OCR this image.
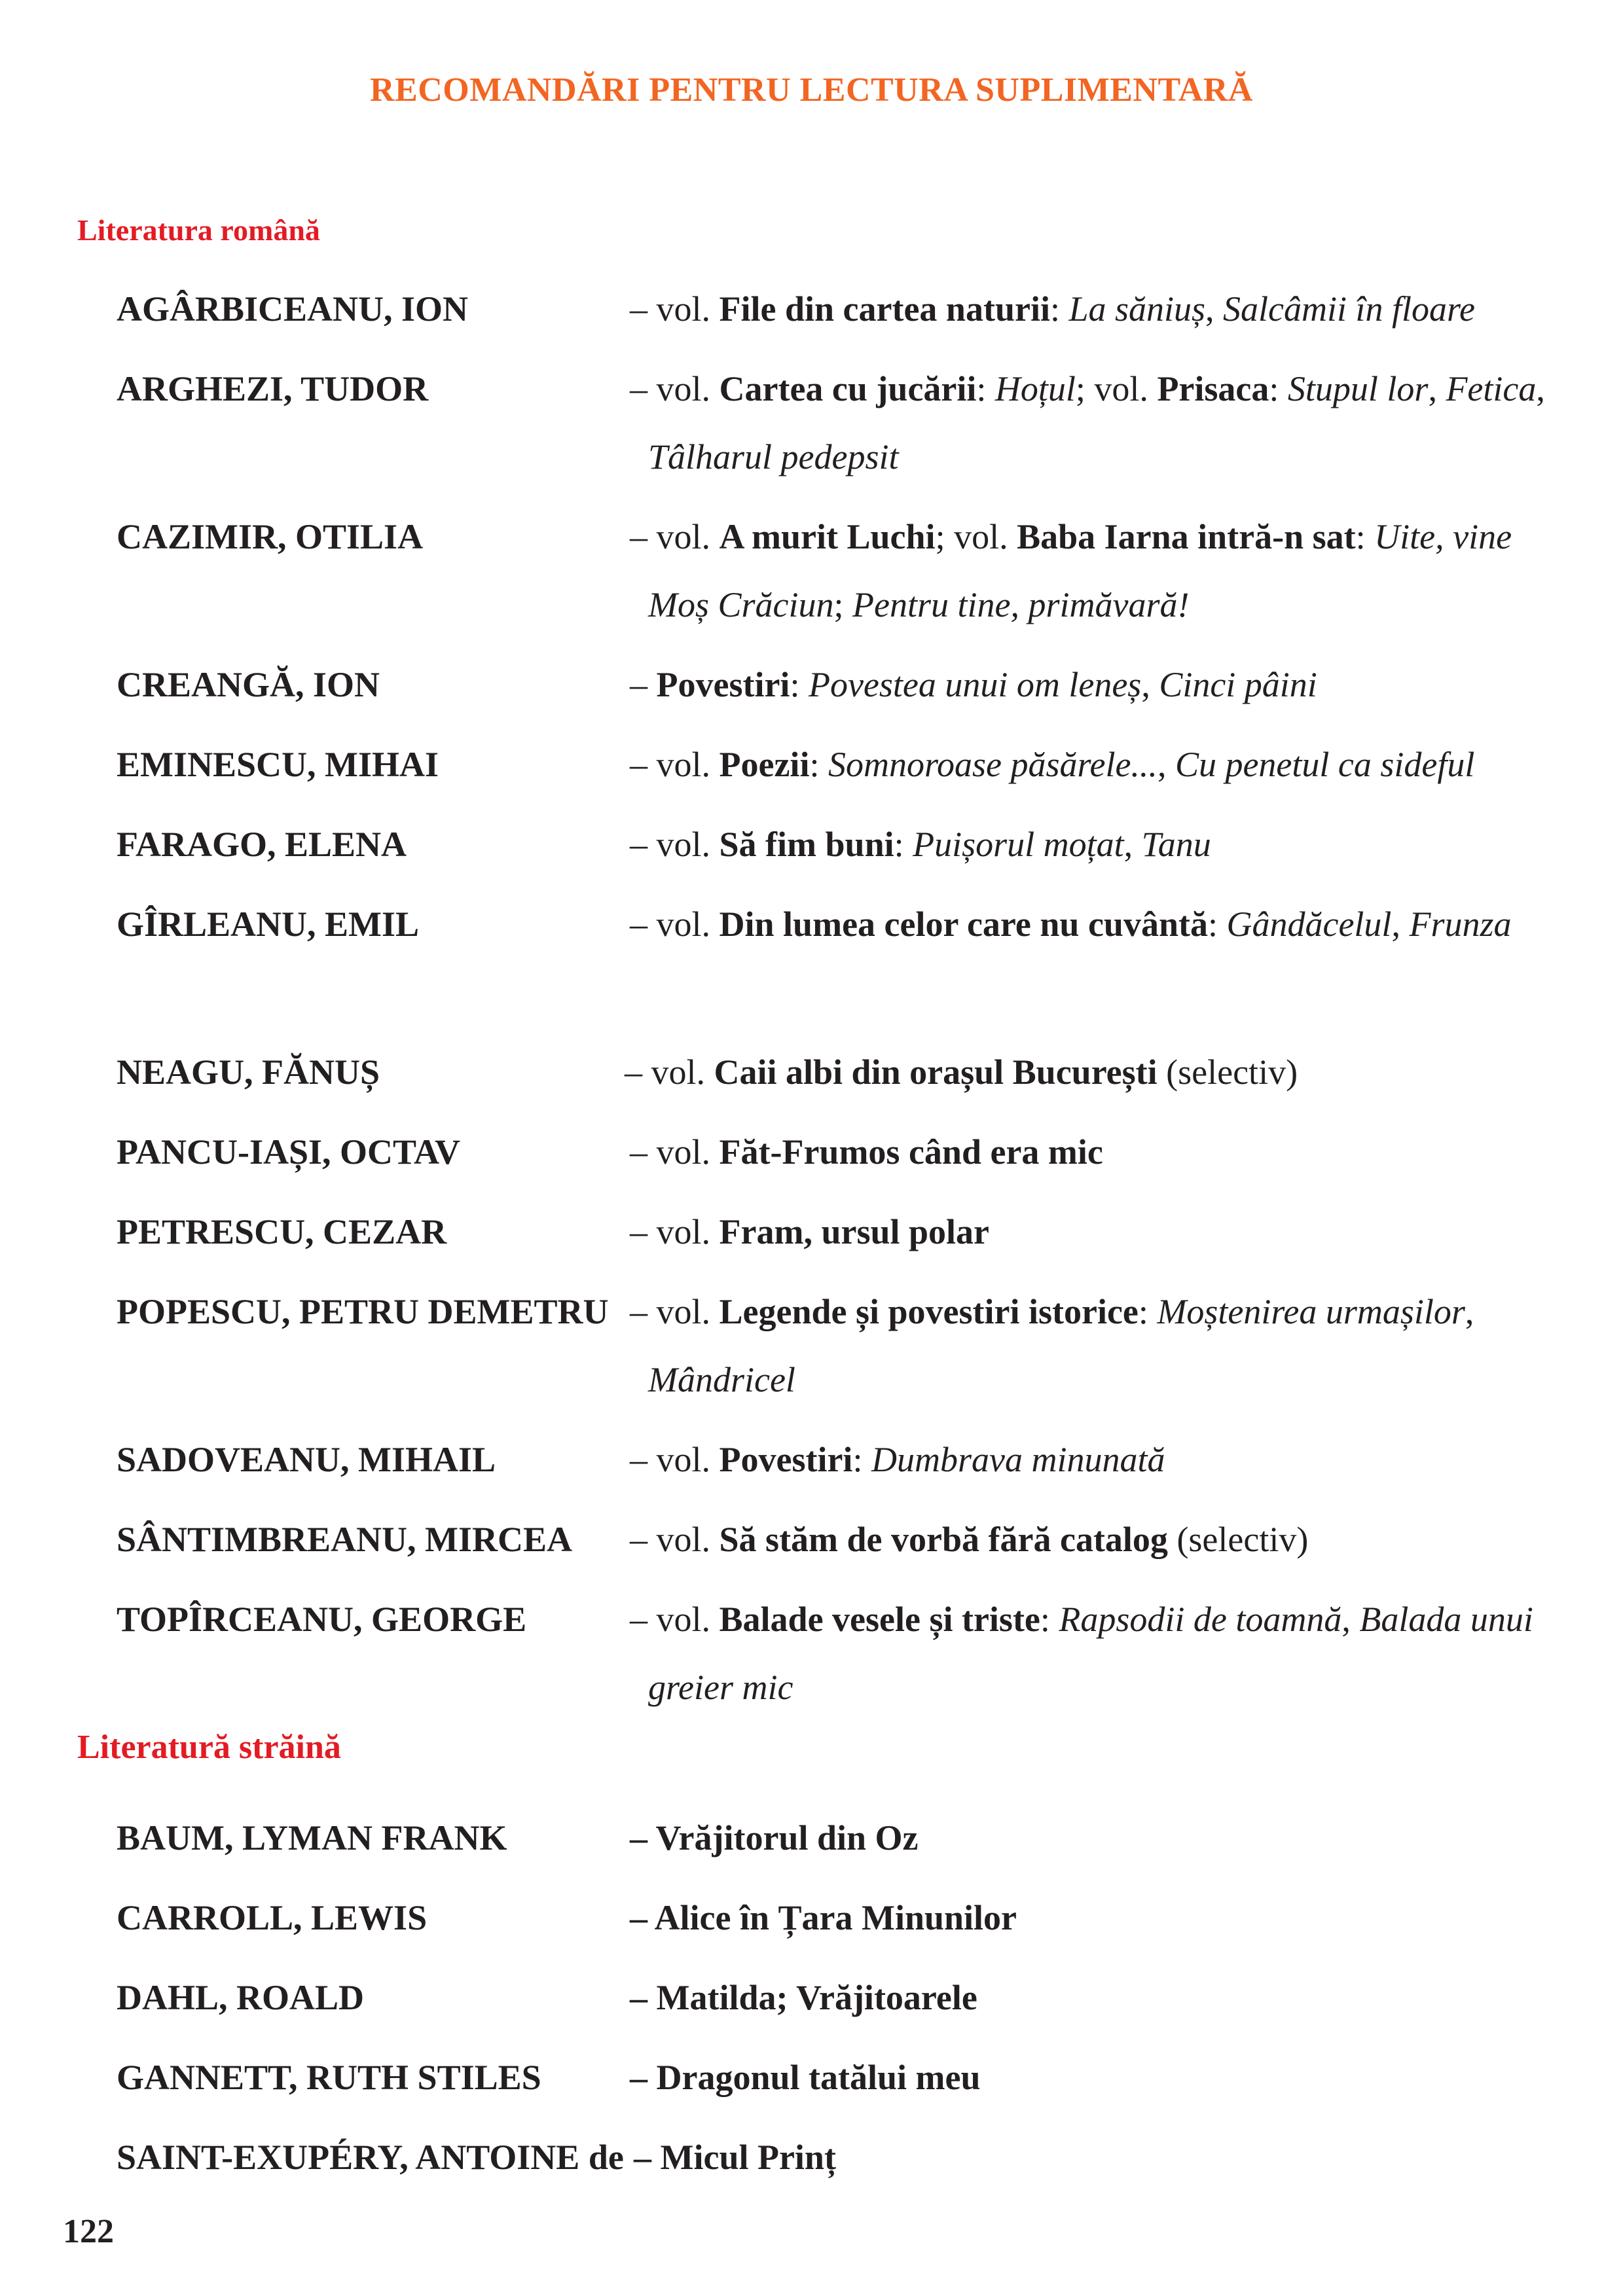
RECOMANDĂRI PENTRU LECTURA SUPLIMENTARĂ
Literatura română
AGÂRBICEANU, ION	– vol. File din cartea naturii: La săniuș, Salcâmii în floare
ARGHEZI, TUDOR	– vol. Cartea cu jucării: Hoțul; vol. Prisaca: Stupul lor, Fetica, Tâlharul pedepsit
CAZIMIR, OTILIA	– vol. A murit Luchi; vol. Baba Iarna intră-n sat: Uite, vine Moș Crăciun; Pentru tine, primăvară!
CREANGĂ, ION	– Povestiri: Povestea unui om leneș, Cinci pâini
EMINESCU, MIHAI	– vol. Poezii: Somnoroase păsărele..., Cu penetul ca sideful
FARAGO, ELENA	– vol. Să fim buni: Puișorul moțat, Tanu
GÎRLEANU, EMIL	– vol. Din lumea celor care nu cuvântă: Gândăcelul, Frunza
NEAGU, FĂNUȘ	– vol. Caii albi din orașul București (selectiv)
PANCU-IAȘI, OCTAV	– vol. Făt-Frumos când era mic
PETRESCU, CEZAR	– vol. Fram, ursul polar
POPESCU, PETRU DEMETRU – vol. Legende și povestiri istorice: Moștenirea urmașilor, Mândricel
SADOVEANU, MIHAIL	– vol. Povestiri: Dumbrava minunată
SÂNTIMBREANU, MIRCEA – vol. Să stăm de vorbă fără catalog (selectiv)
TOPÎRCEANU, GEORGE	– vol. Balade vesele și triste: Rapsodii de toamnă, Balada unui greier mic
Literatură străină
BAUM, LYMAN FRANK	– Vrăjitorul din Oz
CARROLL, LEWIS	– Alice în Țara Minunilor
DAHL, ROALD	– Matilda; Vrăjitoarele
GANNETT, RUTH STILES	– Dragonul tatălui meu
SAINT-EXUPÉRY, ANTOINE de – Micul Prinț
122
